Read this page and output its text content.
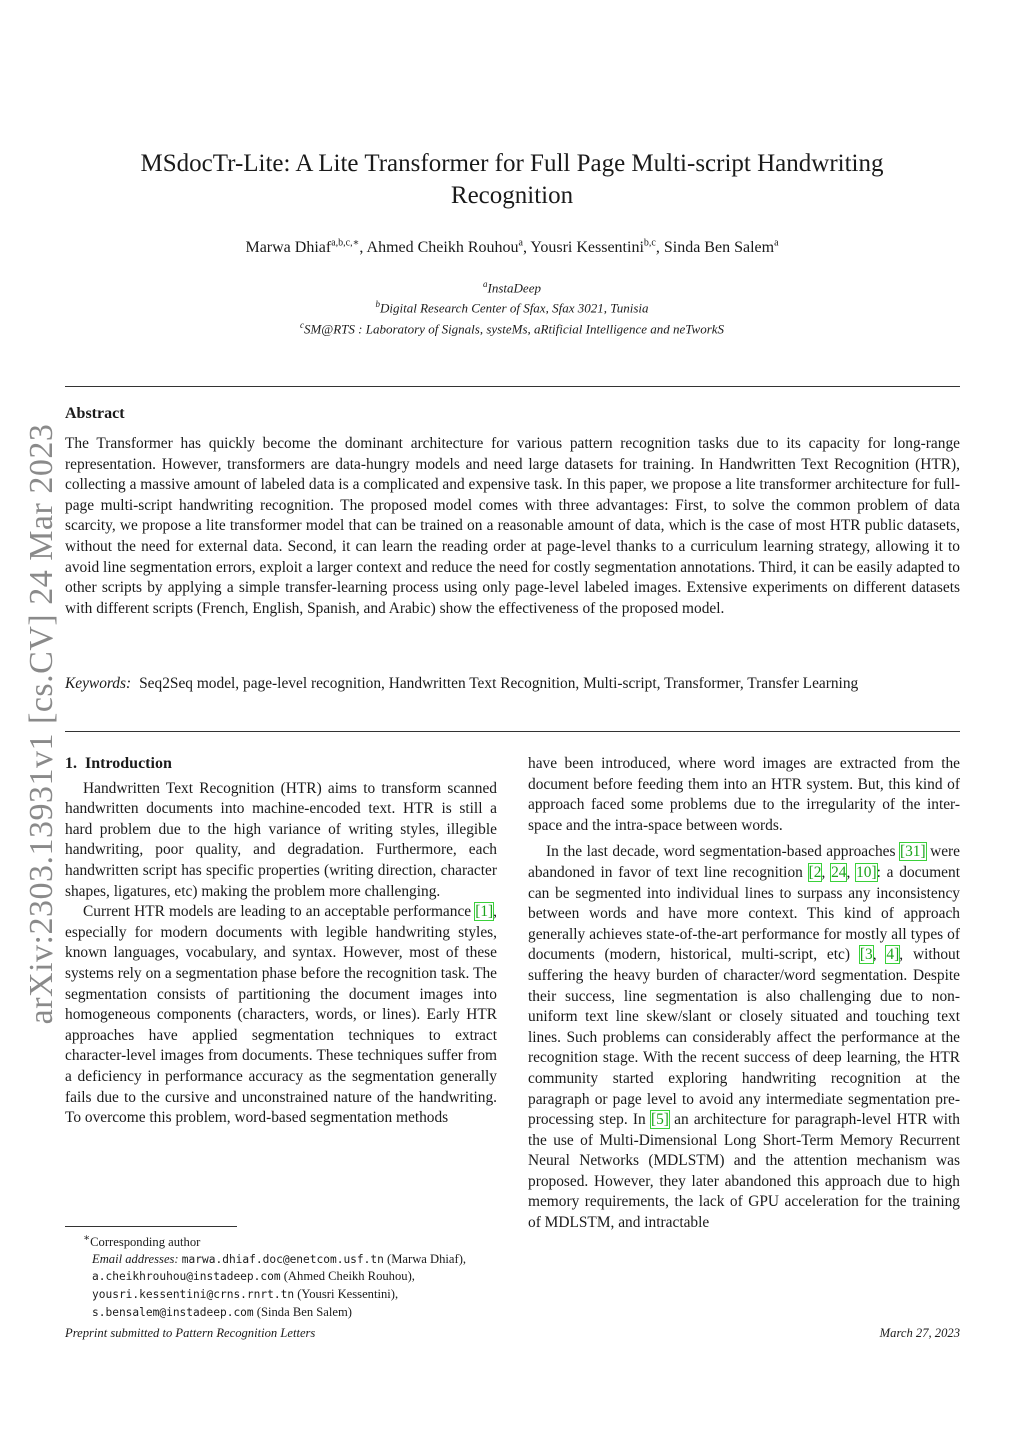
arXiv:2303.13931v1 [cs.CV] 24 Mar 2023
MSdocTr-Lite: A Lite Transformer for Full Page Multi-script Handwriting
Recognition
Marwa Dhiaf$^{a,b,c,∗}$, Ahmed Cheikh Rouhou$^a$, Yousri Kessentini$^{b,c}$, Sinda Ben Salem$^a$
$^a$InstaDeep
$^b$Digital Research Center of Sfax, Sfax 3021, Tunisia
$^c$SM@RTS : Laboratory of Signals, systeMs, aRtificial Intelligence and neTworkS
Abstract
The Transformer has quickly become the dominant architecture for various pattern recognition tasks due to its capacity for long-range representation. However, transformers are data-hungry models and need large datasets for training. In Handwritten Text Recognition (HTR), collecting a massive amount of labeled data is a complicated and expensive task. In this paper, we propose a lite transformer architecture for full-page multi-script handwriting recognition. The proposed model comes with three advantages: First, to solve the common problem of data scarcity, we propose a lite transformer model that can be trained on a reasonable amount of data, which is the case of most HTR public datasets, without the need for external data. Second, it can learn the reading order at page-level thanks to a curriculum learning strategy, allowing it to avoid line segmentation errors, exploit a larger context and reduce the need for costly segmentation annotations. Third, it can be easily adapted to other scripts by applying a simple transfer-learning process using only page-level labeled images. Extensive experiments on different datasets with different scripts (French, English, Spanish, and Arabic) show the effectiveness of the proposed model.
Keywords: Seq2Seq model, page-level recognition, Handwritten Text Recognition, Multi-script, Transformer, Transfer Learning
1. Introduction

Handwritten Text Recognition (HTR) aims to transform scanned handwritten documents into machine-encoded text. HTR is still a hard problem due to the high variance of writing styles, illegible handwriting, poor quality, and degradation. Furthermore, each handwritten script has specific properties (writing direction, character shapes, ligatures, etc) making the problem more challenging.

Current HTR models are leading to an acceptable performance [1], especially for modern documents with legible handwriting styles, known languages, vocabulary, and syntax. However, most of these systems rely on a segmentation phase before the recognition task. The segmentation consists of partitioning the document images into homogeneous components (characters, words, or lines). Early HTR approaches have applied segmentation techniques to extract character-level images from documents. These techniques suffer from a deficiency in performance accuracy as the segmentation generally fails due to the cursive and unconstrained nature of the handwriting. To overcome this problem, word-based segmentation methods

have been introduced, where word images are extracted from the document before feeding them into an HTR system. But, this kind of approach faced some problems due to the irregularity of the inter-space and the intra-space between words.

In the last decade, word segmentation-based approaches [31] were abandoned in favor of text line recognition [2, 24, 10]: a document can be segmented into individual lines to surpass any inconsistency between words and have more context. This kind of approach generally achieves state-of-the-art performance for mostly all types of documents (modern, historical, multi-script, etc) [3, 4], without suffering the heavy burden of character/word segmentation. Despite their success, line segmentation is also challenging due to non-uniform text line skew/slant or closely situated and touching text lines. Such problems can considerably affect the performance at the recognition stage. With the recent success of deep learning, the HTR community started exploring handwriting recognition at the paragraph or page level to avoid any intermediate segmentation pre-processing step. In [5] an architecture for paragraph-level HTR with the use of Multi-Dimensional Long Short-Term Memory Recurrent Neural Networks (MDLSTM) and the attention mechanism was proposed. However, they later abandoned this approach due to high memory requirements, the lack of GPU acceleration for the training of MDLSTM, and intractable

∗Corresponding author
Email addresses: marwa.dhiaf.doc@enetcom.usf.tn (Marwa Dhiaf), a.cheikhrouhou@instadeep.com (Ahmed Cheikh Rouhou), yousri.kessentini@crns.rnrt.tn (Yousri Kessentini), s.bensalem@instadeep.com (Sinda Ben Salem)
Preprint submitted to Pattern Recognition Letters	March 27, 2023
